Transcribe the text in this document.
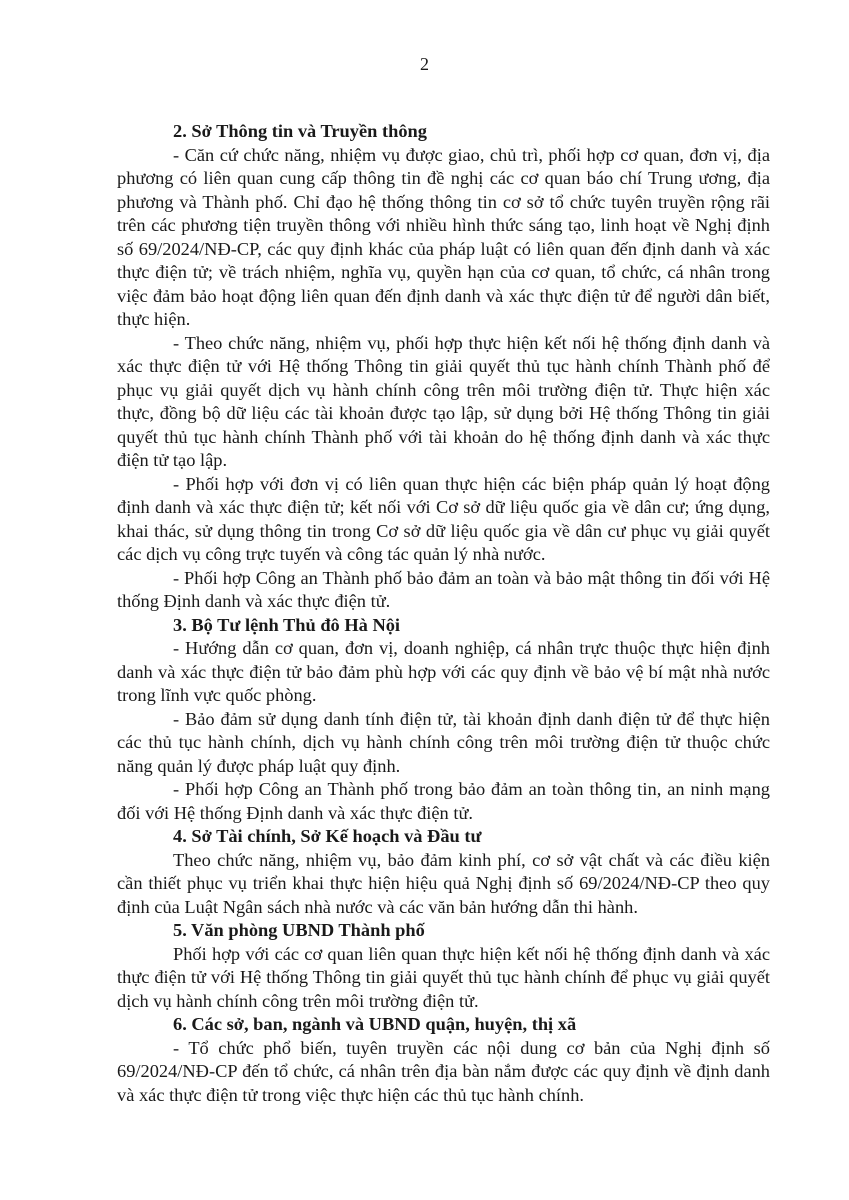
2

2. Sở Thông tin và Truyền thông

- Căn cứ chức năng, nhiệm vụ được giao, chủ trì, phối hợp cơ quan, đơn vị, địa phương có liên quan cung cấp thông tin đề nghị các cơ quan báo chí Trung ương, địa phương và Thành phố. Chỉ đạo hệ thống thông tin cơ sở tổ chức tuyên truyền rộng rãi trên các phương tiện truyền thông với nhiều hình thức sáng tạo, linh hoạt về Nghị định số 69/2024/NĐ-CP, các quy định khác của pháp luật có liên quan đến định danh và xác thực điện tử; về trách nhiệm, nghĩa vụ, quyền hạn của cơ quan, tổ chức, cá nhân trong việc đảm bảo hoạt động liên quan đến định danh và xác thực điện tử để người dân biết, thực hiện.

- Theo chức năng, nhiệm vụ, phối hợp thực hiện kết nối hệ thống định danh và xác thực điện tử với Hệ thống Thông tin giải quyết thủ tục hành chính Thành phố để phục vụ giải quyết dịch vụ hành chính công trên môi trường điện tử. Thực hiện xác thực, đồng bộ dữ liệu các tài khoản được tạo lập, sử dụng bởi Hệ thống Thông tin giải quyết thủ tục hành chính Thành phố với tài khoản do hệ thống định danh và xác thực điện tử tạo lập.

- Phối hợp với đơn vị có liên quan thực hiện các biện pháp quản lý hoạt động định danh và xác thực điện tử; kết nối với Cơ sở dữ liệu quốc gia về dân cư; ứng dụng, khai thác, sử dụng thông tin trong Cơ sở dữ liệu quốc gia về dân cư phục vụ giải quyết các dịch vụ công trực tuyến và công tác quản lý nhà nước.

- Phối hợp Công an Thành phố bảo đảm an toàn và bảo mật thông tin đối với Hệ thống Định danh và xác thực điện tử.

3. Bộ Tư lệnh Thủ đô Hà Nội

- Hướng dẫn cơ quan, đơn vị, doanh nghiệp, cá nhân trực thuộc thực hiện định danh và xác thực điện tử bảo đảm phù hợp với các quy định về bảo vệ bí mật nhà nước trong lĩnh vực quốc phòng.

- Bảo đảm sử dụng danh tính điện tử, tài khoản định danh điện tử để thực hiện các thủ tục hành chính, dịch vụ hành chính công trên môi trường điện tử thuộc chức năng quản lý được pháp luật quy định.

- Phối hợp Công an Thành phố trong bảo đảm an toàn thông tin, an ninh mạng đối với Hệ thống Định danh và xác thực điện tử.

4. Sở Tài chính, Sở Kế hoạch và Đầu tư

Theo chức năng, nhiệm vụ, bảo đảm kinh phí, cơ sở vật chất và các điều kiện cần thiết phục vụ triển khai thực hiện hiệu quả Nghị định số 69/2024/NĐ-CP theo quy định của Luật Ngân sách nhà nước và các văn bản hướng dẫn thi hành.

5. Văn phòng UBND Thành phố

Phối hợp với các cơ quan liên quan thực hiện kết nối hệ thống định danh và xác thực điện tử với Hệ thống Thông tin giải quyết thủ tục hành chính để phục vụ giải quyết dịch vụ hành chính công trên môi trường điện tử.

6. Các sở, ban, ngành và UBND quận, huyện, thị xã

- Tổ chức phổ biến, tuyên truyền các nội dung cơ bản của Nghị định số 69/2024/NĐ-CP đến tổ chức, cá nhân trên địa bàn nắm được các quy định về định danh và xác thực điện tử trong việc thực hiện các thủ tục hành chính.
